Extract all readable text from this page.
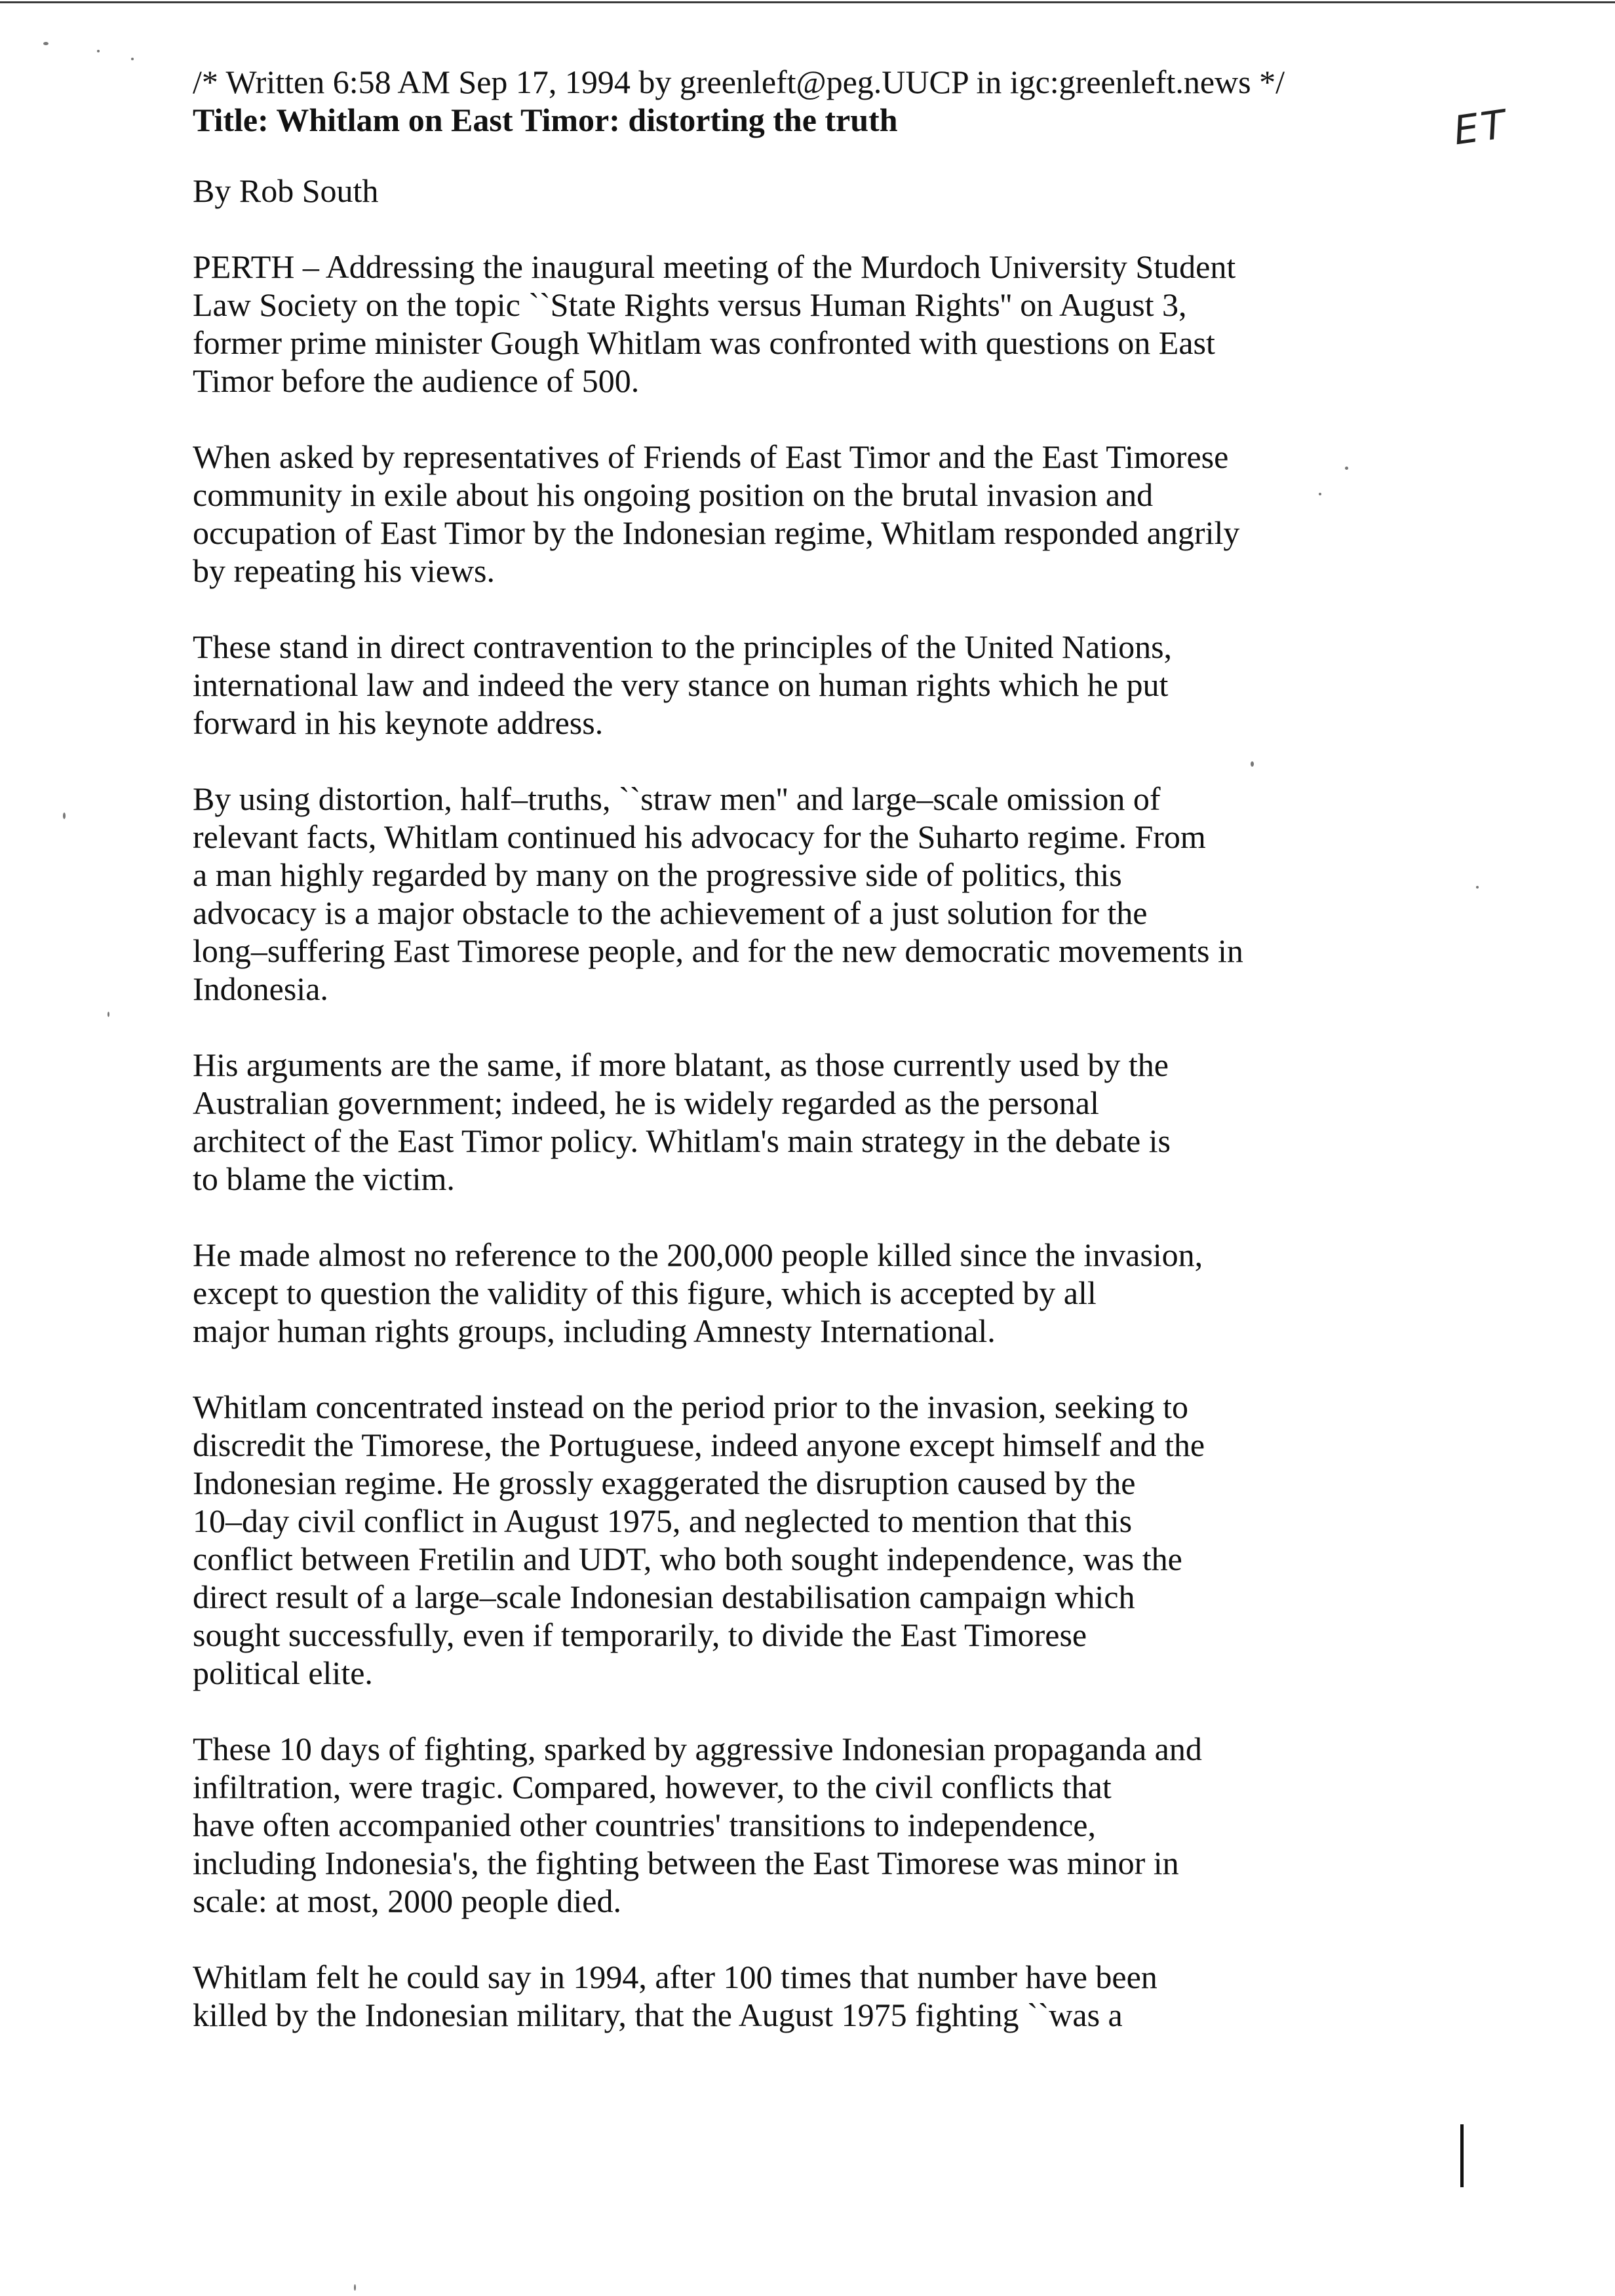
/* Written 6:58 AM Sep 17, 1994 by greenleft@peg.UUCP in igc:greenleft.news */
Title: Whitlam on East Timor: distorting the truth
By Rob South

PERTH – Addressing the inaugural meeting of the Murdoch University Student
Law Society on the topic ``State Rights versus Human Rights'' on August 3,
former prime minister Gough Whitlam was confronted with questions on East
Timor before the audience of 500.

When asked by representatives of Friends of East Timor and the East Timorese
community in exile about his ongoing position on the brutal invasion and
occupation of East Timor by the Indonesian regime, Whitlam responded angrily
by repeating his views.

These stand in direct contravention to the principles of the United Nations,
international law and indeed the very stance on human rights which he put
forward in his keynote address.

By using distortion, half–truths, ``straw men'' and large–scale omission of
relevant facts, Whitlam continued his advocacy for the Suharto regime. From
a man highly regarded by many on the progressive side of politics, this
advocacy is a major obstacle to the achievement of a just solution for the
long–suffering East Timorese people, and for the new democratic movements in
Indonesia.

His arguments are the same, if more blatant, as those currently used by the
Australian government; indeed, he is widely regarded as the personal
architect of the East Timor policy. Whitlam's main strategy in the debate is
to blame the victim.

He made almost no reference to the 200,000 people killed since the invasion,
except to question the validity of this figure, which is accepted by all
major human rights groups, including Amnesty International.

Whitlam concentrated instead on the period prior to the invasion, seeking to
discredit the Timorese, the Portuguese, indeed anyone except himself and the
Indonesian regime. He grossly exaggerated the disruption caused by the
10–day civil conflict in August 1975, and neglected to mention that this
conflict between Fretilin and UDT, who both sought independence, was the
direct result of a large–scale Indonesian destabilisation campaign which
sought successfully, even if temporarily, to divide the East Timorese
political elite.

These 10 days of fighting, sparked by aggressive Indonesian propaganda and
infiltration, were tragic. Compared, however, to the civil conflicts that
have often accompanied other countries' transitions to independence,
including Indonesia's, the fighting between the East Timorese was minor in
scale: at most, 2000 people died.

Whitlam felt he could say in 1994, after 100 times that number have been
killed by the Indonesian military, that the August 1975 fighting ``was a

ET
